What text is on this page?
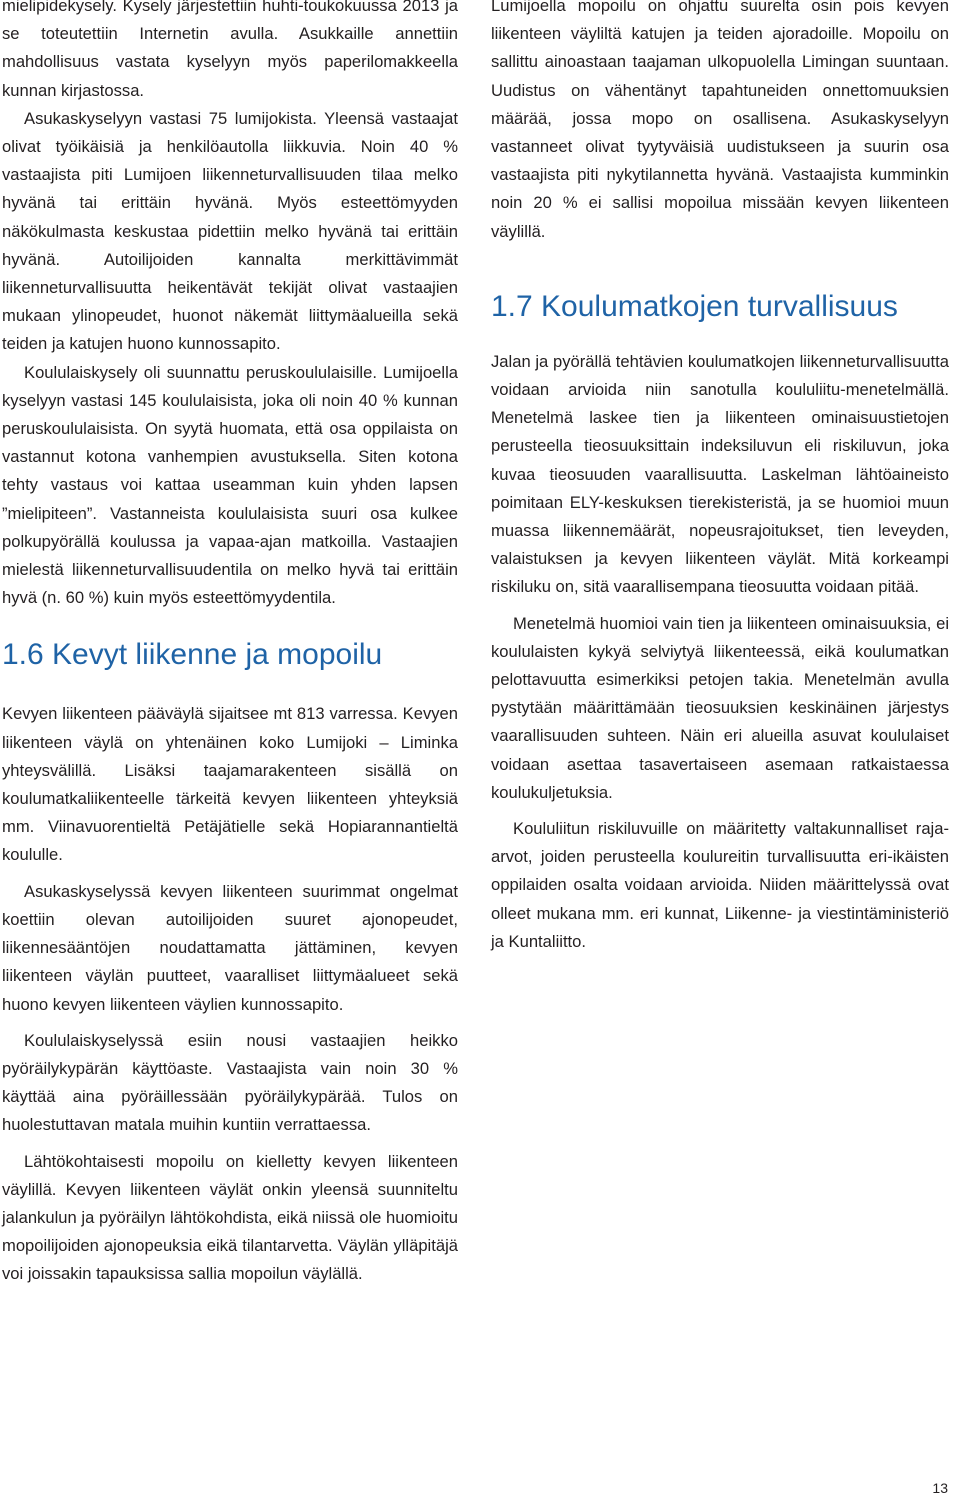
mielipidekysely. Kysely järjestettiin huhti-toukokuussa 2013 ja se toteutettiin Internetin avulla. Asukkaille annettiin mahdollisuus vastata kyselyyn myös paperilomakkeella kunnan kirjastossa.

Asukaskyselyyn vastasi 75 lumijokista. Yleensä vastaajat olivat työikäisiä ja henkilöautolla liikkuvia. Noin 40 % vastaajista piti Lumijoen liikenneturvallisuuden tilaa melko hyvänä tai erittäin hyvänä. Myös esteettömyyden näkökulmasta keskustaa pidettiin melko hyvänä tai erittäin hyvänä. Autoilijoiden kannalta merkittävimmät liikenneturvallisuutta heikentävät tekijät olivat vastaajien mukaan ylinopeudet, huonot näkemät liittymäalueilla sekä teiden ja katujen huono kunnossapito.

Koululaiskysely oli suunnattu peruskoululaisille. Lumijoella kyselyyn vastasi 145 koululaisista, joka oli noin 40 % kunnan peruskoululaisista. On syytä huomata, että osa oppilaista on vastannut kotona vanhempien avustuksella. Siten kotona tehty vastaus voi kattaa useamman kuin yhden lapsen ”mielipiteen”. Vastanneista koululaisista suuri osa kulkee polkupyörällä koulussa ja vapaa-ajan matkoilla. Vastaajien mielestä liikenneturvallisuudentila on melko hyvä tai erittäin hyvä (n. 60 %) kuin myös esteettömyydentila.

1.6 Kevyt liikenne ja mopoilu

Kevyen liikenteen pääväylä sijaitsee mt 813 varressa. Kevyen liikenteen väylä on yhtenäinen koko Lumijoki – Liminka yhteysvälillä. Lisäksi taajamarakenteen sisällä on koulumatkaliikenteelle tärkeitä kevyen liikenteen yhteyksiä mm. Viinavuorentieltä Petäjätielle sekä Hopiarannantieltä koululle.

Asukaskyselyssä kevyen liikenteen suurimmat ongelmat koettiin olevan autoilijoiden suuret ajonopeudet, liikennesääntöjen noudattamatta jättäminen, kevyen liikenteen väylän puutteet, vaaralliset liittymäalueet sekä huono kevyen liikenteen väylien kunnossapito.

Koululaiskyselyssä esiin nousi vastaajien heikko pyöräilykypärän käyttöaste. Vastaajista vain noin 30 % käyttää aina pyöräillessään pyöräilykypärää. Tulos on huolestuttavan matala muihin kuntiin verrattaessa.

Lähtökohtaisesti mopoilu on kielletty kevyen liikenteen väylillä. Kevyen liikenteen väylät onkin yleensä suunniteltu jalankulun ja pyöräilyn lähtökohdista, eikä niissä ole huomioitu mopoilijoiden ajonopeuksia eikä tilantarvetta. Väylän ylläpitäjä voi joissakin tapauksissa sallia mopoilun väylällä.

Lumijoella mopoilu on ohjattu suurelta osin pois kevyen liikenteen väyliltä katujen ja teiden ajoradoille. Mopoilu on sallittu ainoastaan taajaman ulkopuolella Limingan suuntaan. Uudistus on vähentänyt tapahtuneiden onnettomuuksien määrää, jossa mopo on osallisena. Asukaskyselyyn vastanneet olivat tyytyväisiä uudistukseen ja suurin osa vastaajista piti nykytilannetta hyvänä. Vastaajista kumminkin noin 20 % ei sallisi mopoilua missään kevyen liikenteen väylillä.

1.7 Koulumatkojen turvallisuus

Jalan ja pyörällä tehtävien koulumatkojen liikenneturvallisuutta voidaan arvioida niin sanotulla koululiitu-menetelmällä. Menetelmä laskee tien ja liikenteen ominaisuustietojen perusteella tieosuuksittain indeksiluvun eli riskiluvun, joka kuvaa tieosuuden vaarallisuutta. Laskelman lähtöaineisto poimitaan ELY-keskuksen tierekisteristä, ja se huomioi muun muassa liikennemäärät, nopeusrajoitukset, tien leveyden, valaistuksen ja kevyen liikenteen väylät. Mitä korkeampi riskiluku on, sitä vaarallisempana tieosuutta voidaan pitää.

Menetelmä huomioi vain tien ja liikenteen ominaisuuksia, ei koululaisten kykyä selviytyä liikenteessä, eikä koulumatkan pelottavuutta esimerkiksi petojen takia. Menetelmän avulla pystytään määrittämään tieosuuksien keskinäinen järjestys vaarallisuuden suhteen. Näin eri alueilla asuvat koululaiset voidaan asettaa tasavertaiseen asemaan ratkaistaessa koulukuljetuksia.

Koululiitun riskiluvuille on määritetty valtakunnalliset raja-arvot, joiden perusteella koulureitin turvallisuutta eri-ikäisten oppilaiden osalta voidaan arvioida. Niiden määrittelyssä ovat olleet mukana mm. eri kunnat, Liikenne- ja viestintäministeriö ja Kuntaliitto.

13
